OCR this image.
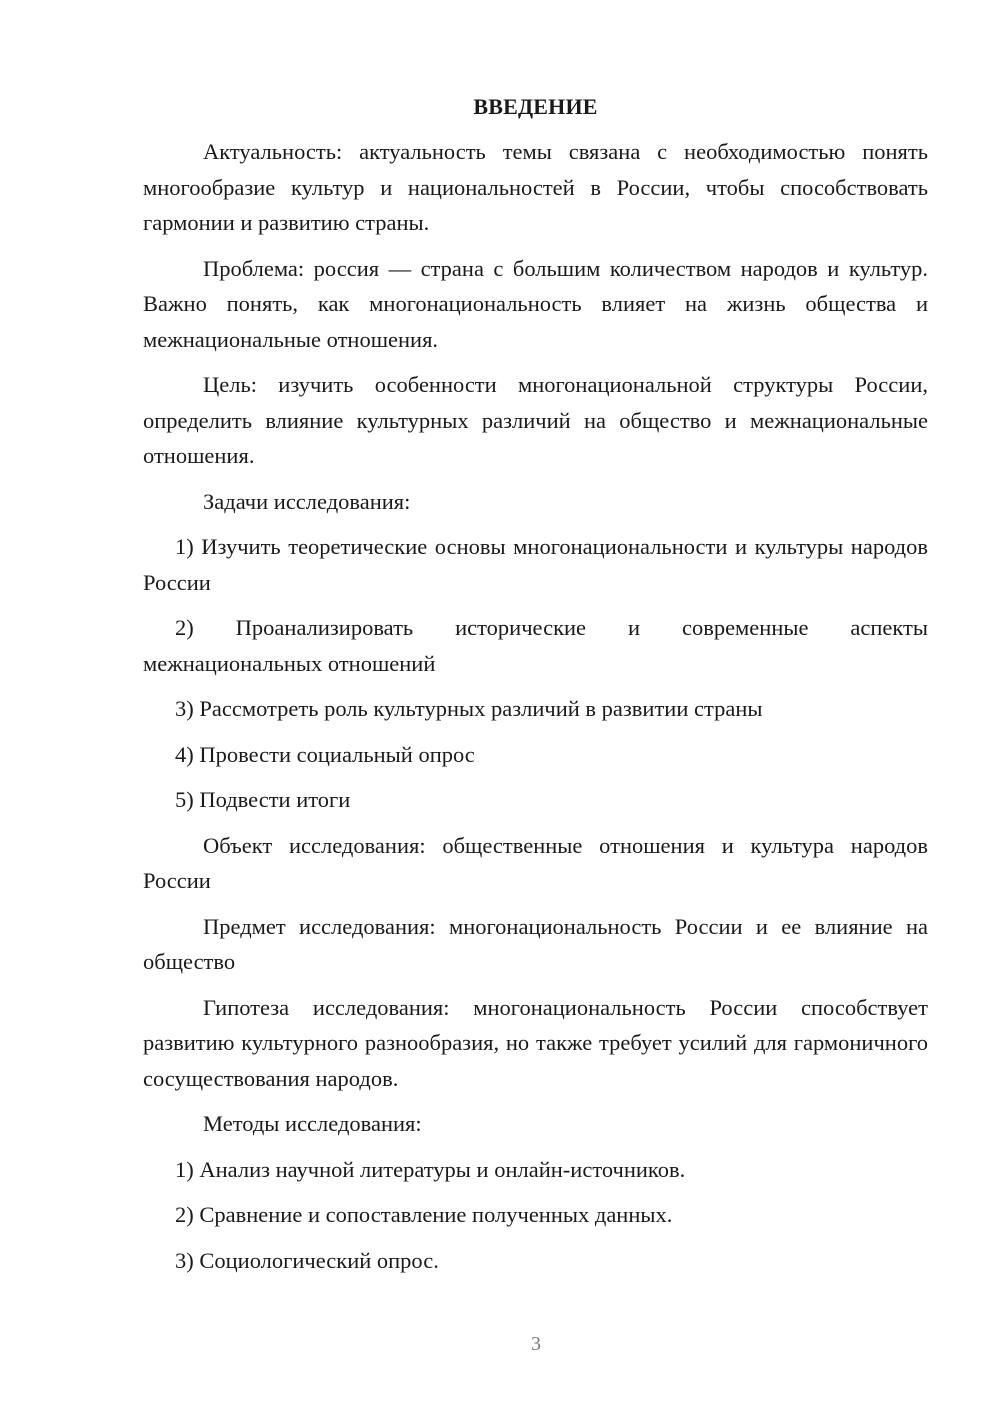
ВВЕДЕНИЕ

Актуальность: актуальность темы связана с необходимостью понять многообразие культур и национальностей в России, чтобы способствовать гармонии и развитию страны.

Проблема: россия — страна с большим количеством народов и культур. Важно понять, как многонациональность влияет на жизнь общества и межнациональные отношения.

Цель: изучить особенности многонациональной структуры России, определить влияние культурных различий на общество и межнациональные отношения.

Задачи исследования:

1) Изучить теоретические основы многонациональности и культуры народов России

2) Проанализировать исторические и современные аспекты межнациональных отношений

3) Рассмотреть роль культурных различий в развитии страны

4) Провести социальный опрос

5) Подвести итоги

Объект исследования: общественные отношения и культура народов России

Предмет исследования: многонациональность России и ее влияние на общество

Гипотеза исследования: многонациональность России способствует развитию культурного разнообразия, но также требует усилий для гармоничного сосуществования народов.

Методы исследования:

1) Анализ научной литературы и онлайн-источников.

2) Сравнение и сопоставление полученных данных.

3) Социологический опрос.

3
